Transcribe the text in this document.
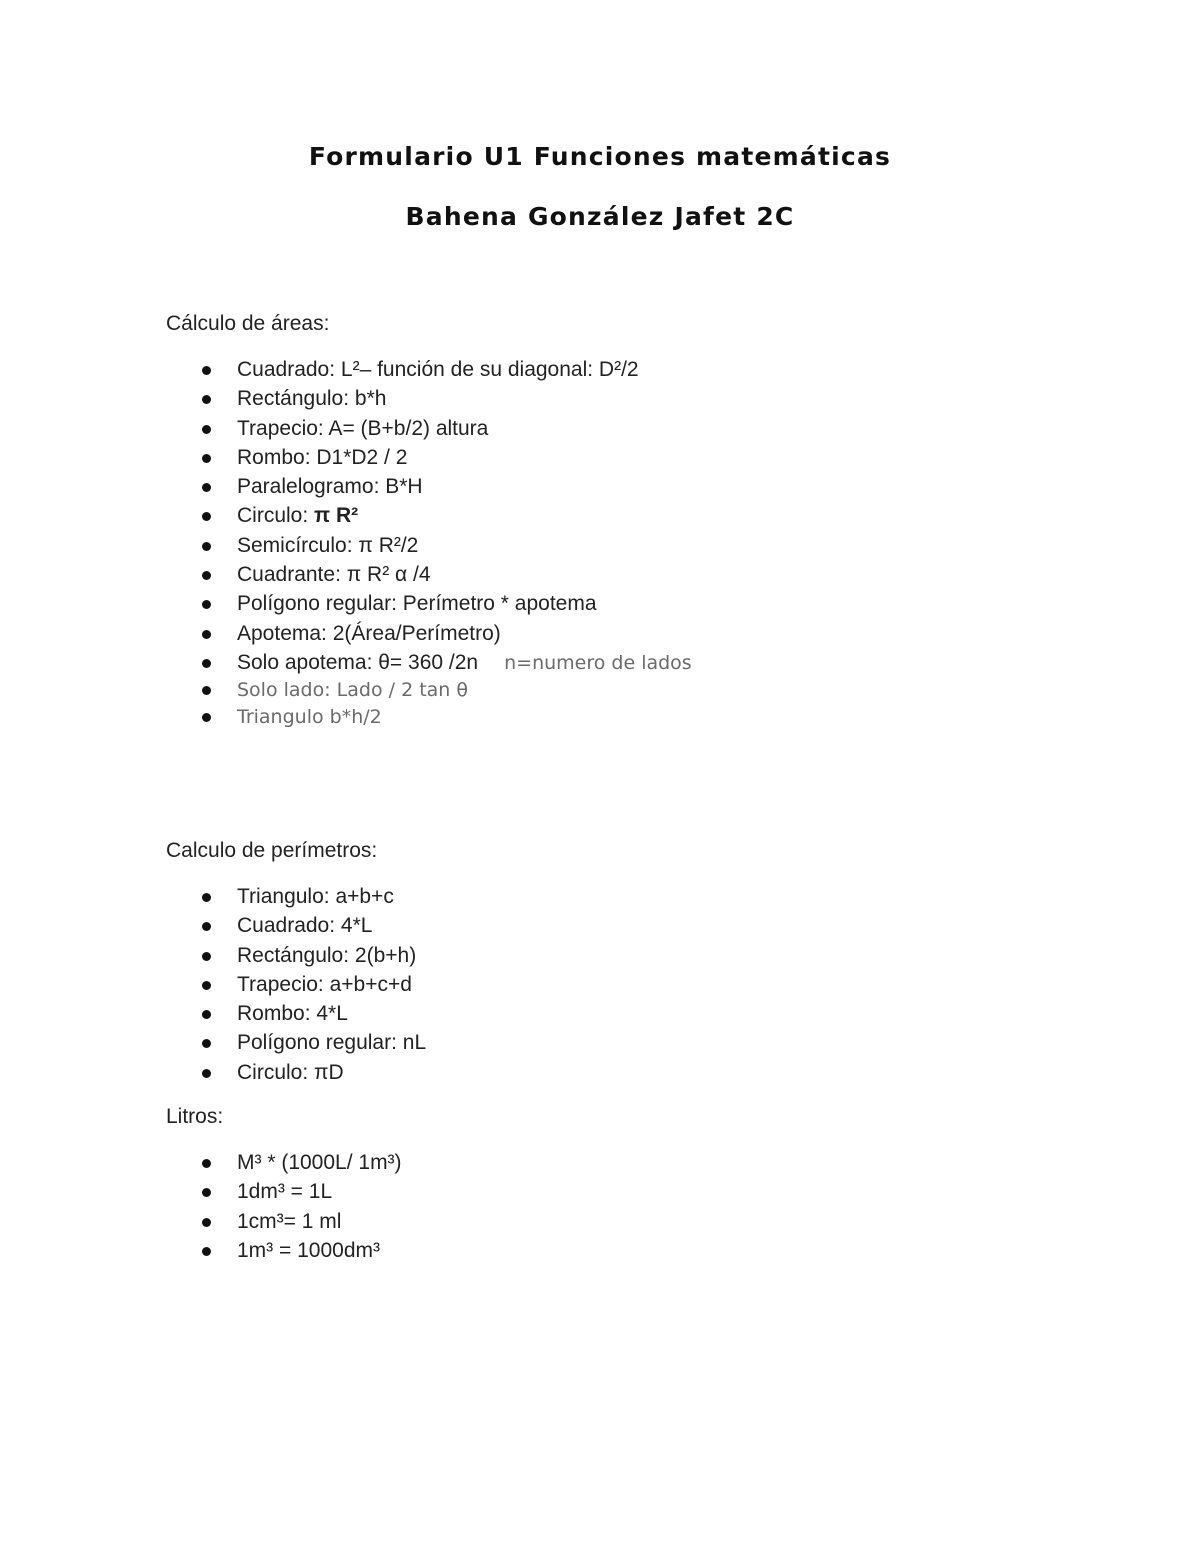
Formulario U1 Funciones matemáticas
Bahena González Jafet 2C

Cálculo de áreas:

Cuadrado: L²– función de su diagonal: D²/2
Rectángulo: b*h
Trapecio: A= (B+b/2) altura
Rombo: D1*D2 / 2
Paralelogramo: B*H
Circulo: π R²
Semicírculo: π R²/2
Cuadrante: π R² α /4
Polígono regular: Perímetro * apotema
Apotema: 2(Área/Perímetro)
Solo apotema: θ= 360 /2n n=numero de lados
Solo lado: Lado / 2 tan θ
Triangulo b*h/2

Calculo de perímetros:

Triangulo: a+b+c
Cuadrado: 4*L
Rectángulo: 2(b+h)
Trapecio: a+b+c+d
Rombo: 4*L
Polígono regular: nL
Circulo: πD

Litros:

M³ * (1000L/ 1m³)
1dm³ = 1L
1cm³= 1 ml
1m³ = 1000dm³
